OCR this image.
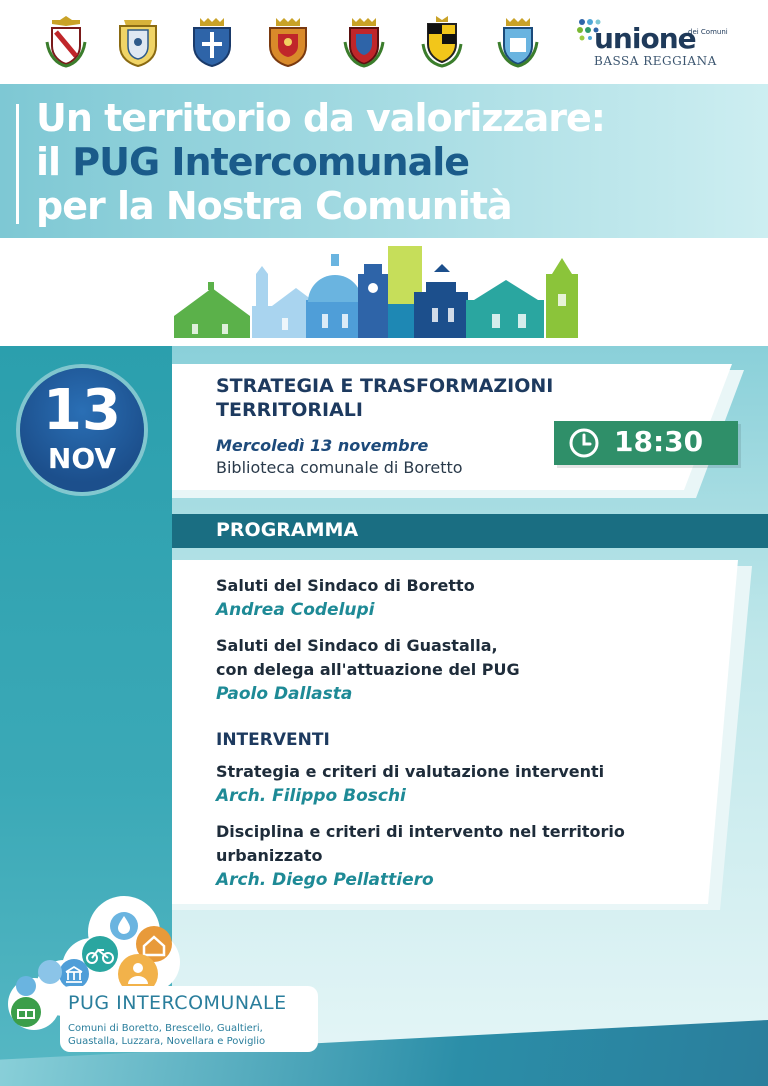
unione
dei Comuni
BASSA REGGIANA
Un territorio da valorizzare:
il PUG Intercomunale
per la Nostra Comunità
13
NOV
STRATEGIA E TRASFORMAZIONI
TERRITORIALI
Mercoledì 13 novembre
Biblioteca comunale di Boretto
18:30
PROGRAMMA
Saluti del Sindaco di Boretto
Andrea Codelupi
Saluti del Sindaco di Guastalla,
con delega all'attuazione del PUG
Paolo Dallasta
INTERVENTI
Strategia e criteri di valutazione interventi
Arch. Filippo Boschi
Disciplina e criteri di intervento nel territorio
urbanizzato
Arch. Diego Pellattiero
PUG INTERCOMUNALE
Comuni di Boretto, Brescello, Gualtieri,
Guastalla, Luzzara, Novellara e Poviglio
